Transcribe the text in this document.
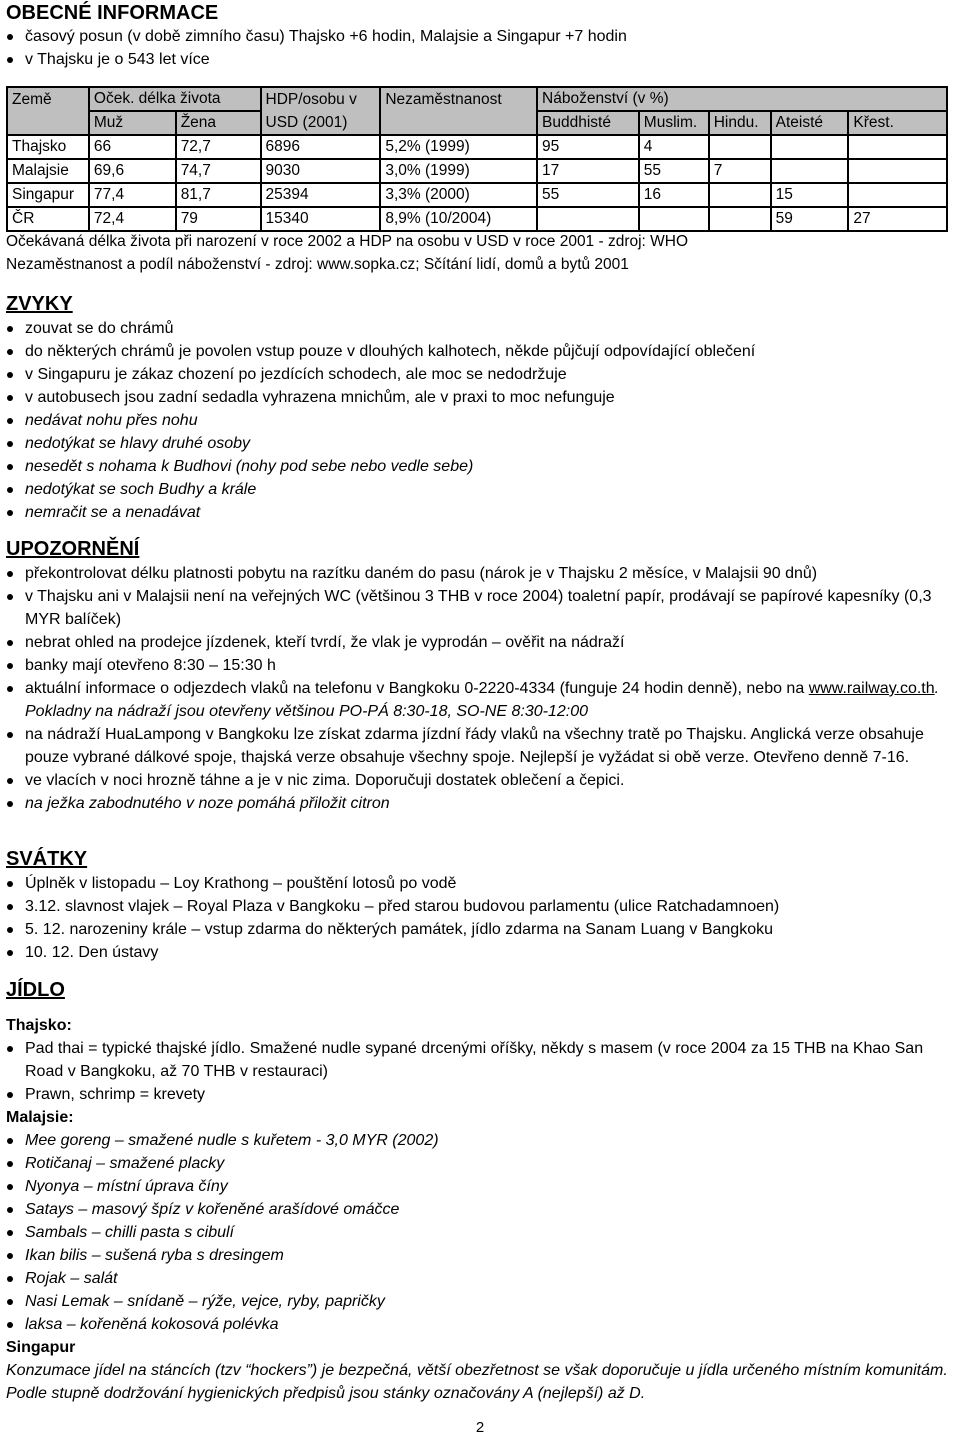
OBECNÉ INFORMACE
časový posun (v době zimního času) Thajsko +6 hodin, Malajsie a Singapur +7 hodin
v Thajsku je o 543 let více
Země	Oček. délka života		HDP/osobu v	Nezaměstnanost	Náboženství (v %)				
	Muž	Žena	USD (2001)		Buddhisté	Muslim.	Hindu.	Ateisté	Křest.
Thajsko	66	72,7	6896	5,2% (1999)	95	4			
Malajsie	69,6	74,7	9030	3,0% (1999)	17	55	7		
Singapur	77,4	81,7	25394	3,3% (2000)	55	16		15	
ČR	72,4	79	15340	8,9% (10/2004)				59	27
Očekávaná délka života při narození v roce 2002 a HDP na osobu v USD v roce 2001 - zdroj: WHO
Nezaměstnanost a podíl náboženství - zdroj: www.sopka.cz; Sčítání lidí, domů a bytů 2001
ZVYKY
zouvat se do chrámů
do některých chrámů je povolen vstup pouze v dlouhých kalhotech, někde půjčují odpovídající oblečení
v Singapuru je zákaz chození po jezdících schodech, ale moc se nedodržuje
v autobusech jsou zadní sedadla vyhrazena mnichům, ale v praxi to moc nefunguje
nedávat nohu přes nohu
nedotýkat se hlavy druhé osoby
nesedět s nohama k Budhovi (nohy pod sebe nebo vedle sebe)
nedotýkat se soch Budhy a krále
nemračit se a nenadávat
UPOZORNĚNÍ
překontrolovat délku platnosti pobytu na razítku daném do pasu (nárok je v Thajsku 2 měsíce, v Malajsii 90 dnů)
v Thajsku ani v Malajsii není na veřejných WC (většinou 3 THB v roce 2004) toaletní papír, prodávají se papírové kapesníky (0,3 MYR balíček)
nebrat ohled na prodejce jízdenek, kteří tvrdí, že vlak je vyprodán – ověřit na nádraží
banky mají otevřeno 8:30 – 15:30 h
aktuální informace o odjezdech vlaků na telefonu v Bangkoku 0-2220-4334 (funguje 24 hodin denně), nebo na www.railway.co.th. Pokladny na nádraží jsou otevřeny většinou PO-PÁ 8:30-18, SO-NE 8:30-12:00
na nádraží HuaLampong v Bangkoku lze získat zdarma jízdní řády vlaků na všechny tratě po Thajsku. Anglická verze obsahuje pouze vybrané dálkové spoje, thajská verze obsahuje všechny spoje. Nejlepší je vyžádat si obě verze. Otevřeno denně 7-16.
ve vlacích v noci hrozně táhne a je v nic zima. Doporučuji dostatek oblečení a čepici.
na ježka zabodnutého v noze pomáhá přiložit citron
SVÁTKY
Úplněk v listopadu – Loy Krathong – pouštění lotosů po vodě
3.12. slavnost vlajek – Royal Plaza v Bangkoku – před starou budovou parlamentu (ulice Ratchadamnoen)
5. 12. narozeniny krále – vstup zdarma do některých památek, jídlo zdarma na Sanam Luang v Bangkoku
10. 12. Den ústavy
JÍDLO
Thajsko:
Pad thai = typické thajské jídlo. Smažené nudle sypané drcenými oříšky, někdy s masem (v roce 2004 za 15 THB na Khao San Road v Bangkoku, až 70 THB v restauraci)
Prawn, schrimp = krevety
Malajsie:
Mee goreng – smažené nudle s kuřetem - 3,0 MYR (2002)
Rotičanaj – smažené placky
Nyonya – místní úprava číny
Satays – masový špíz v kořeněné arašídové omáčce
Sambals – chilli pasta s cibulí
Ikan bilis – sušená ryba s dresingem
Rojak – salát
Nasi Lemak – snídaně – rýže, vejce, ryby, papričky
laksa – kořeněná kokosová polévka
Singapur
Konzumace jídel na stáncích (tzv “hockers”) je bezpečná, větší obezřetnost se však doporučuje u jídla určeného místním komunitám. Podle stupně dodržování hygienických předpisů jsou stánky označovány A (nejlepší) až D.
2
